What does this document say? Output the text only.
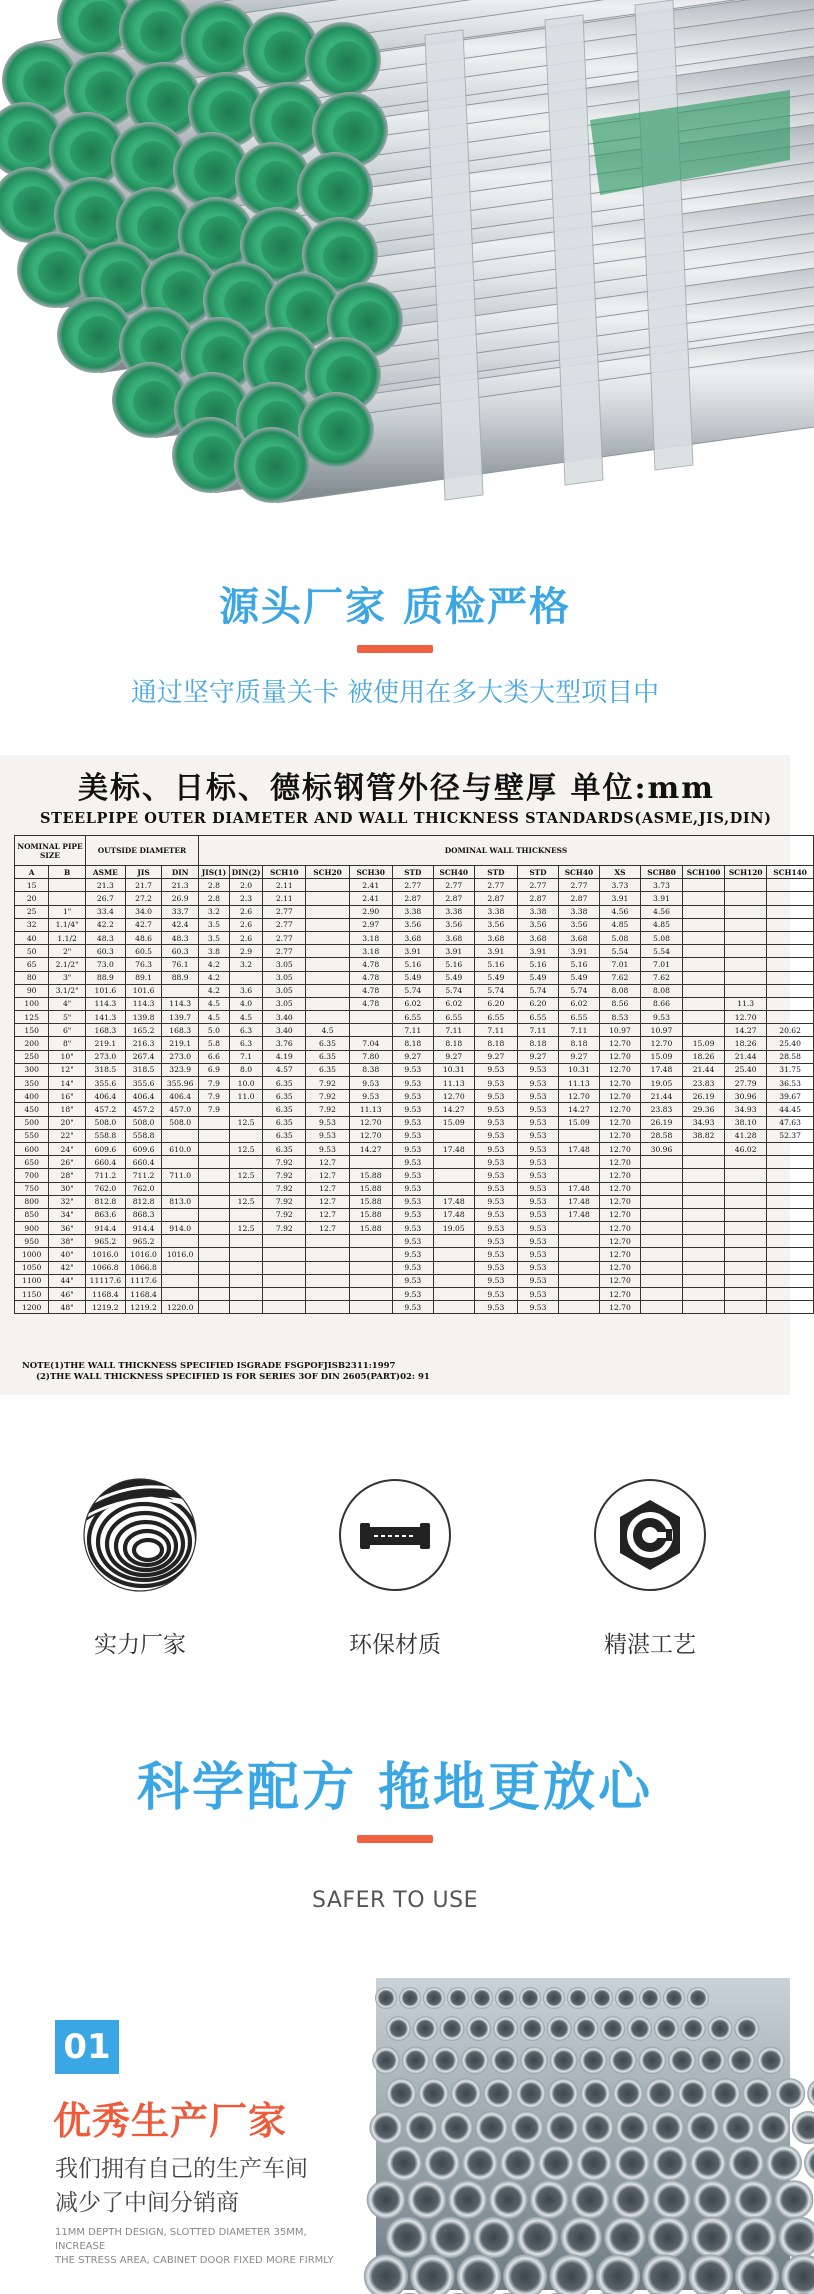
源头厂家 质检严格
通过坚守质量关卡 被使用在多大类大型项目中
美标、日标、德标钢管外径与壁厚 单位:mm
STEELPIPE OUTER DIAMETER AND WALL THICKNESS STANDARDS(ASME,JIS,DIN)
NOMINAL PIPE SIZE		OUTSIDE DIAMETER			DOMINAL WALL THICKNESS														
A	B	ASME	JIS	DIN	JIS(1)	DIN(2)	SCH10	SCH20	SCH30	STD	SCH40	STD	STD	SCH40	XS	SCH80	SCH100	SCH120	SCH140
15		21.3	21.7	21.3	2.8	2.0	2.11		2.41	2.77	2.77	2.77	2.77	2.77	3.73	3.73			
20		26.7	27.2	26.9	2.8	2.3	2.11		2.41	2.87	2.87	2.87	2.87	2.87	3.91	3.91			
25	1"	33.4	34.0	33.7	3.2	2.6	2.77		2.90	3.38	3.38	3.38	3.38	3.38	4.56	4.56			
32	1.1/4"	42.2	42.7	42.4	3.5	2.6	2.77		2.97	3.56	3.56	3.56	3.56	3.56	4.85	4.85			
40	1.1/2	48.3	48.6	48.3	3.5	2.6	2.77		3.18	3.68	3.68	3.68	3.68	3.68	5.08	5.08			
50	2"	60.3	60.5	60.3	3.8	2.9	2.77		3.18	3.91	3.91	3.91	3.91	3.91	5.54	5.54			
65	2.1/2"	73.0	76.3	76.1	4.2	3.2	3.05		4.78	5.16	5.16	5.16	5.16	5.16	7.01	7.01			
80	3"	88.9	89.1	88.9	4.2		3.05		4.78	5.49	5.49	5.49	5.49	5.49	7.62	7.62			
90	3.1/2"	101.6	101.6		4.2	3.6	3.05		4.78	5.74	5.74	5.74	5.74	5.74	8.08	8.08			
100	4"	114.3	114.3	114.3	4.5	4.0	3.05		4.78	6.02	6.02	6.20	6.20	6.02	8.56	8.66		11.3	
125	5"	141.3	139.8	139.7	4.5	4.5	3.40			6.55	6.55	6.55	6.55	6.55	8.53	9.53		12.70	
150	6"	168.3	165.2	168.3	5.0	6.3	3.40	4.5		7.11	7.11	7.11	7.11	7.11	10.97	10.97		14.27	20.62
200	8"	219.1	216.3	219.1	5.8	6.3	3.76	6.35	7.04	8.18	8.18	8.18	8.18	8.18	12.70	12.70	15.09	18.26	25.40
250	10"	273.0	267.4	273.0	6.6	7.1	4.19	6.35	7.80	9.27	9.27	9.27	9.27	9.27	12.70	15.09	18.26	21.44	28.58
300	12"	318.5	318.5	323.9	6.9	8.0	4.57	6.35	8.38	9.53	10.31	9.53	9.53	10.31	12.70	17.48	21.44	25.40	31.75
350	14"	355.6	355.6	355.96	7.9	10.0	6.35	7.92	9.53	9.53	11.13	9.53	9.53	11.13	12.70	19.05	23.83	27.79	36.53
400	16"	406.4	406.4	406.4	7.9	11.0	6.35	7.92	9.53	9.53	12.70	9.53	9.53	12.70	12.70	21.44	26.19	30.96	39.67
450	18"	457.2	457.2	457.0	7.9		6.35	7.92	11.13	9.53	14.27	9.53	9.53	14.27	12.70	23.83	29.36	34.93	44.45
500	20"	508.0	508.0	508.0		12.5	6.35	9.53	12.70	9.53	15.09	9.53	9.53	15.09	12.70	26.19	34.93	38.10	47.63
550	22"	558.8	558.8				6.35	9.53	12.70	9.53		9.53	9.53		12.70	28.58	38.82	41.28	52.37
600	24"	609.6	609.6	610.0		12.5	6.35	9.53	14.27	9.53	17.48	9.53	9.53	17.48	12.70	30.96		46.02	
650	26"	660.4	660.4				7.92	12.7		9.53		9.53	9.53		12.70				
700	28"	711.2	711.2	711.0		12.5	7.92	12.7	15.88	9.53		9.53	9.53		12.70				
750	30"	762.0	762.0				7.92	12.7	15.88	9.53		9.53	9.53	17.48	12.70				
800	32"	812.8	812.8	813.0		12.5	7.92	12.7	15.88	9.53	17.48	9.53	9.53	17.48	12.70				
850	34"	863.6	868.3				7.92	12.7	15.88	9.53	17.48	9.53	9.53	17.48	12.70				
900	36"	914.4	914.4	914.0		12.5	7.92	12.7	15.88	9.53	19.05	9.53	9.53		12.70				
950	38"	965.2	965.2							9.53		9.53	9.53		12.70				
1000	40"	1016.0	1016.0	1016.0						9.53		9.53	9.53		12.70				
1050	42"	1066.8	1066.8							9.53		9.53	9.53		12.70				
1100	44"	11117.6	1117.6							9.53		9.53	9.53		12.70				
1150	46"	1168.4	1168.4							9.53		9.53	9.53		12.70				
1200	48"	1219.2	1219.2	1220.0						9.53		9.53	9.53		12.70				
NOTE(1)THE WALL THICKNESS SPECIFIED ISGRADE FSGPOFJISB2311:1997
(2)THE WALL THICKNESS SPECIFIED IS FOR SERIES 3OF DIN 2605(PART)02: 91
实力厂家	环保材质	精湛工艺
科学配方 拖地更放心
SAFER TO USE
01
优秀生产厂家
我们拥有自己的生产车间
减少了中间分销商
11MM DEPTH DESIGN, SLOTTED DIAMETER 35MM, INCREASE
THE STRESS AREA, CABINET DOOR FIXED MORE FIRMLY
